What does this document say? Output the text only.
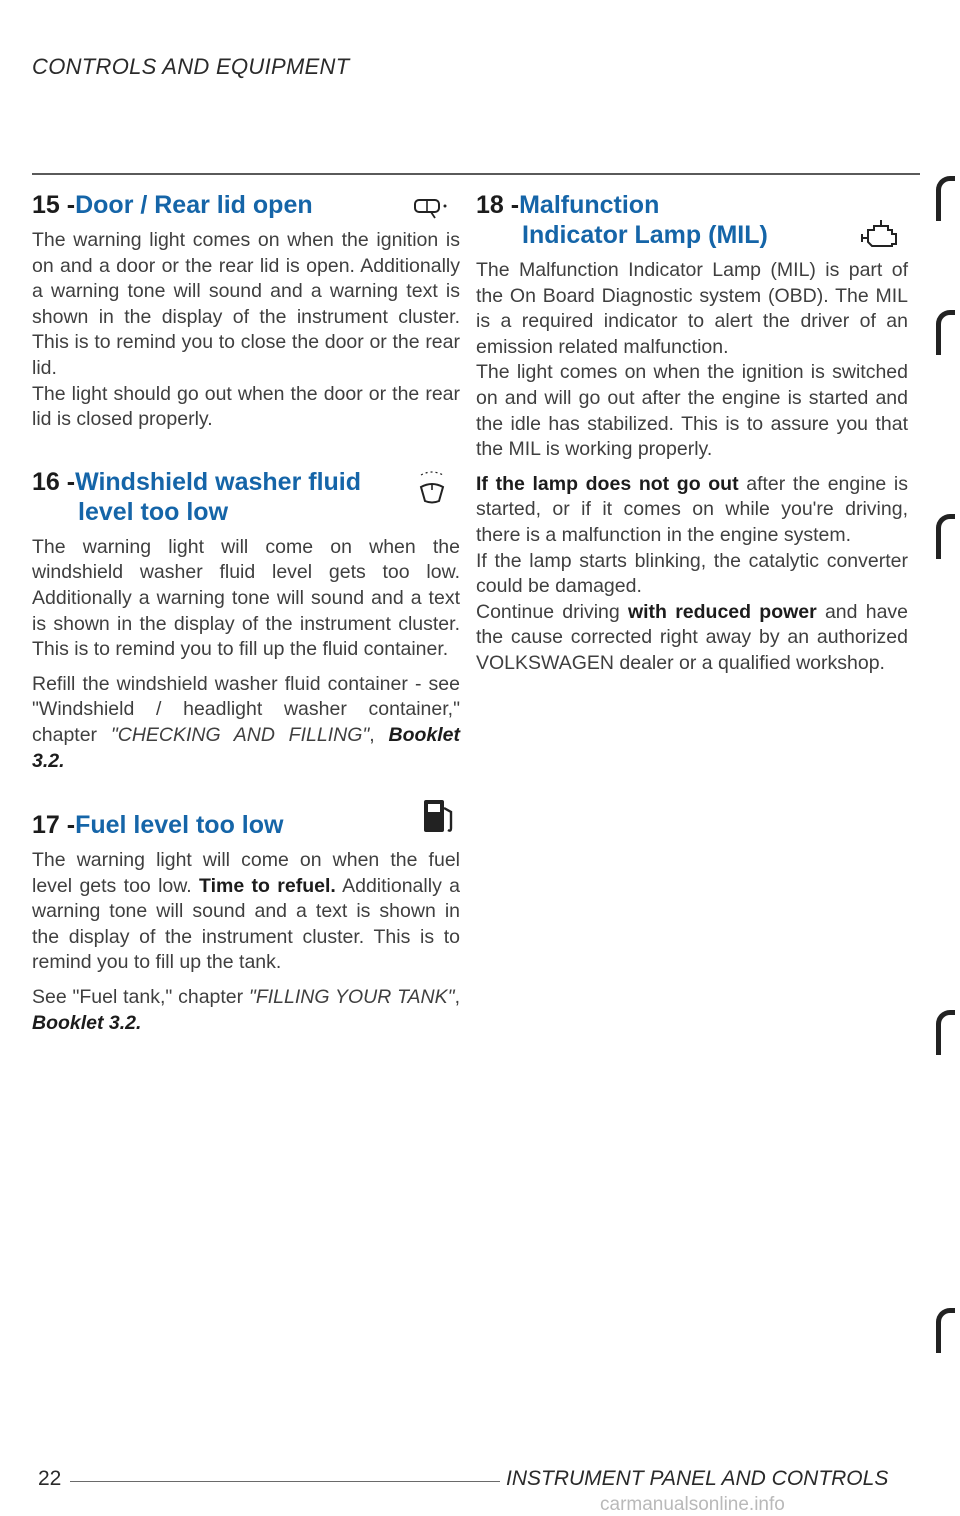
CONTROLS AND EQUIPMENT
15 -Door / Rear lid open

The warning light comes on when the ignition is on and a door or the rear lid is open. Additionally a warning tone will sound and a warning text is shown in the display of the instrument cluster. This is to remind you to close the door or the rear lid.

The light should go out when the door or the rear lid is closed properly.

16 -Windshield washer fluid
level too low

The warning light will come on when the windshield washer fluid level gets too low. Additionally a warning tone will sound and a text is shown in the display of the instrument cluster. This is to remind you to fill up the fluid container.

Refill the windshield washer fluid container - see "Windshield / headlight washer container," chapter "CHECKING AND FILLING", Booklet 3.2.

17 -Fuel level too low

The warning light will come on when the fuel level gets too low. Time to refuel. Additionally a warning tone will sound and a text is shown in the display of the instrument cluster. This is to remind you to fill up the tank.

See "Fuel tank," chapter "FILLING YOUR TANK", Booklet 3.2.

18 -Malfunction
Indicator Lamp (MIL)

The Malfunction Indicator Lamp (MIL) is part of the On Board Diagnostic system (OBD). The MIL is a required indicator to alert the driver of an emission related malfunction.

The light comes on when the ignition is switched on and will go out after the engine is started and the idle has stabilized. This is to assure you that the MIL is working properly.

If the lamp does not go out after the engine is started, or if it comes on while you're driving, there is a malfunction in the engine system.

If the lamp starts blinking, the catalytic converter could be damaged.

Continue driving with reduced power and have the cause corrected right away by an authorized VOLKSWAGEN dealer or a qualified workshop.

22	INSTRUMENT PANEL AND CONTROLS
carmanualsonline.info
